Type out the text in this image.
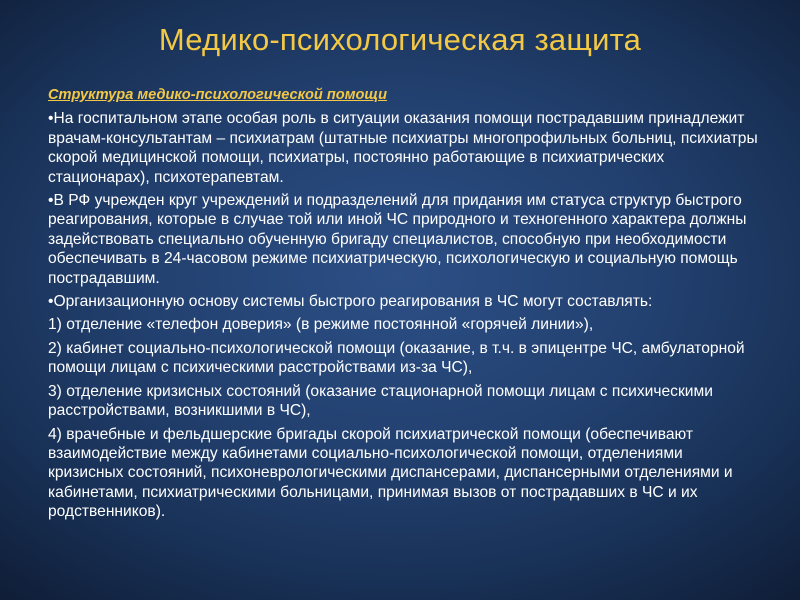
Медико-психологическая защита
Структура медико-психологической помощи
•На госпитальном этапе особая роль в ситуации оказания помощи пострадавшим принадлежит врачам-консультантам – психиатрам (штатные психиатры многопрофильных больниц, психиатры скорой медицинской помощи, психиатры, постоянно работающие в психиатрических стационарах), психотерапевтам.
•В РФ учрежден круг учреждений и подразделений для придания им статуса структур быстрого реагирования, которые в случае той или иной ЧС природного и техногенного характера должны задействовать специально обученную бригаду специалистов, способную при необходимости обеспечивать в 24-часовом режиме психиатрическую, психологическую и социальную помощь пострадавшим.
•Организационную основу системы быстрого реагирования в ЧС могут составлять:
1) отделение «телефон доверия» (в режиме постоянной «горячей линии»),
2) кабинет социально-психологической помощи (оказание, в т.ч. в эпицентре ЧС, амбулаторной помощи лицам с психическими расстройствами из-за ЧС),
3) отделение кризисных состояний (оказание стационарной помощи лицам с психическими расстройствами, возникшими в ЧС),
4) врачебные и фельдшерские бригады скорой психиатрической помощи (обеспечивают взаимодействие между кабинетами социально-психологической помощи, отделениями кризисных состояний, психоневрологическими диспансерами, диспансерными отделениями и кабинетами, психиатрическими больницами, принимая вызов от пострадавших в ЧС и их родственников).
